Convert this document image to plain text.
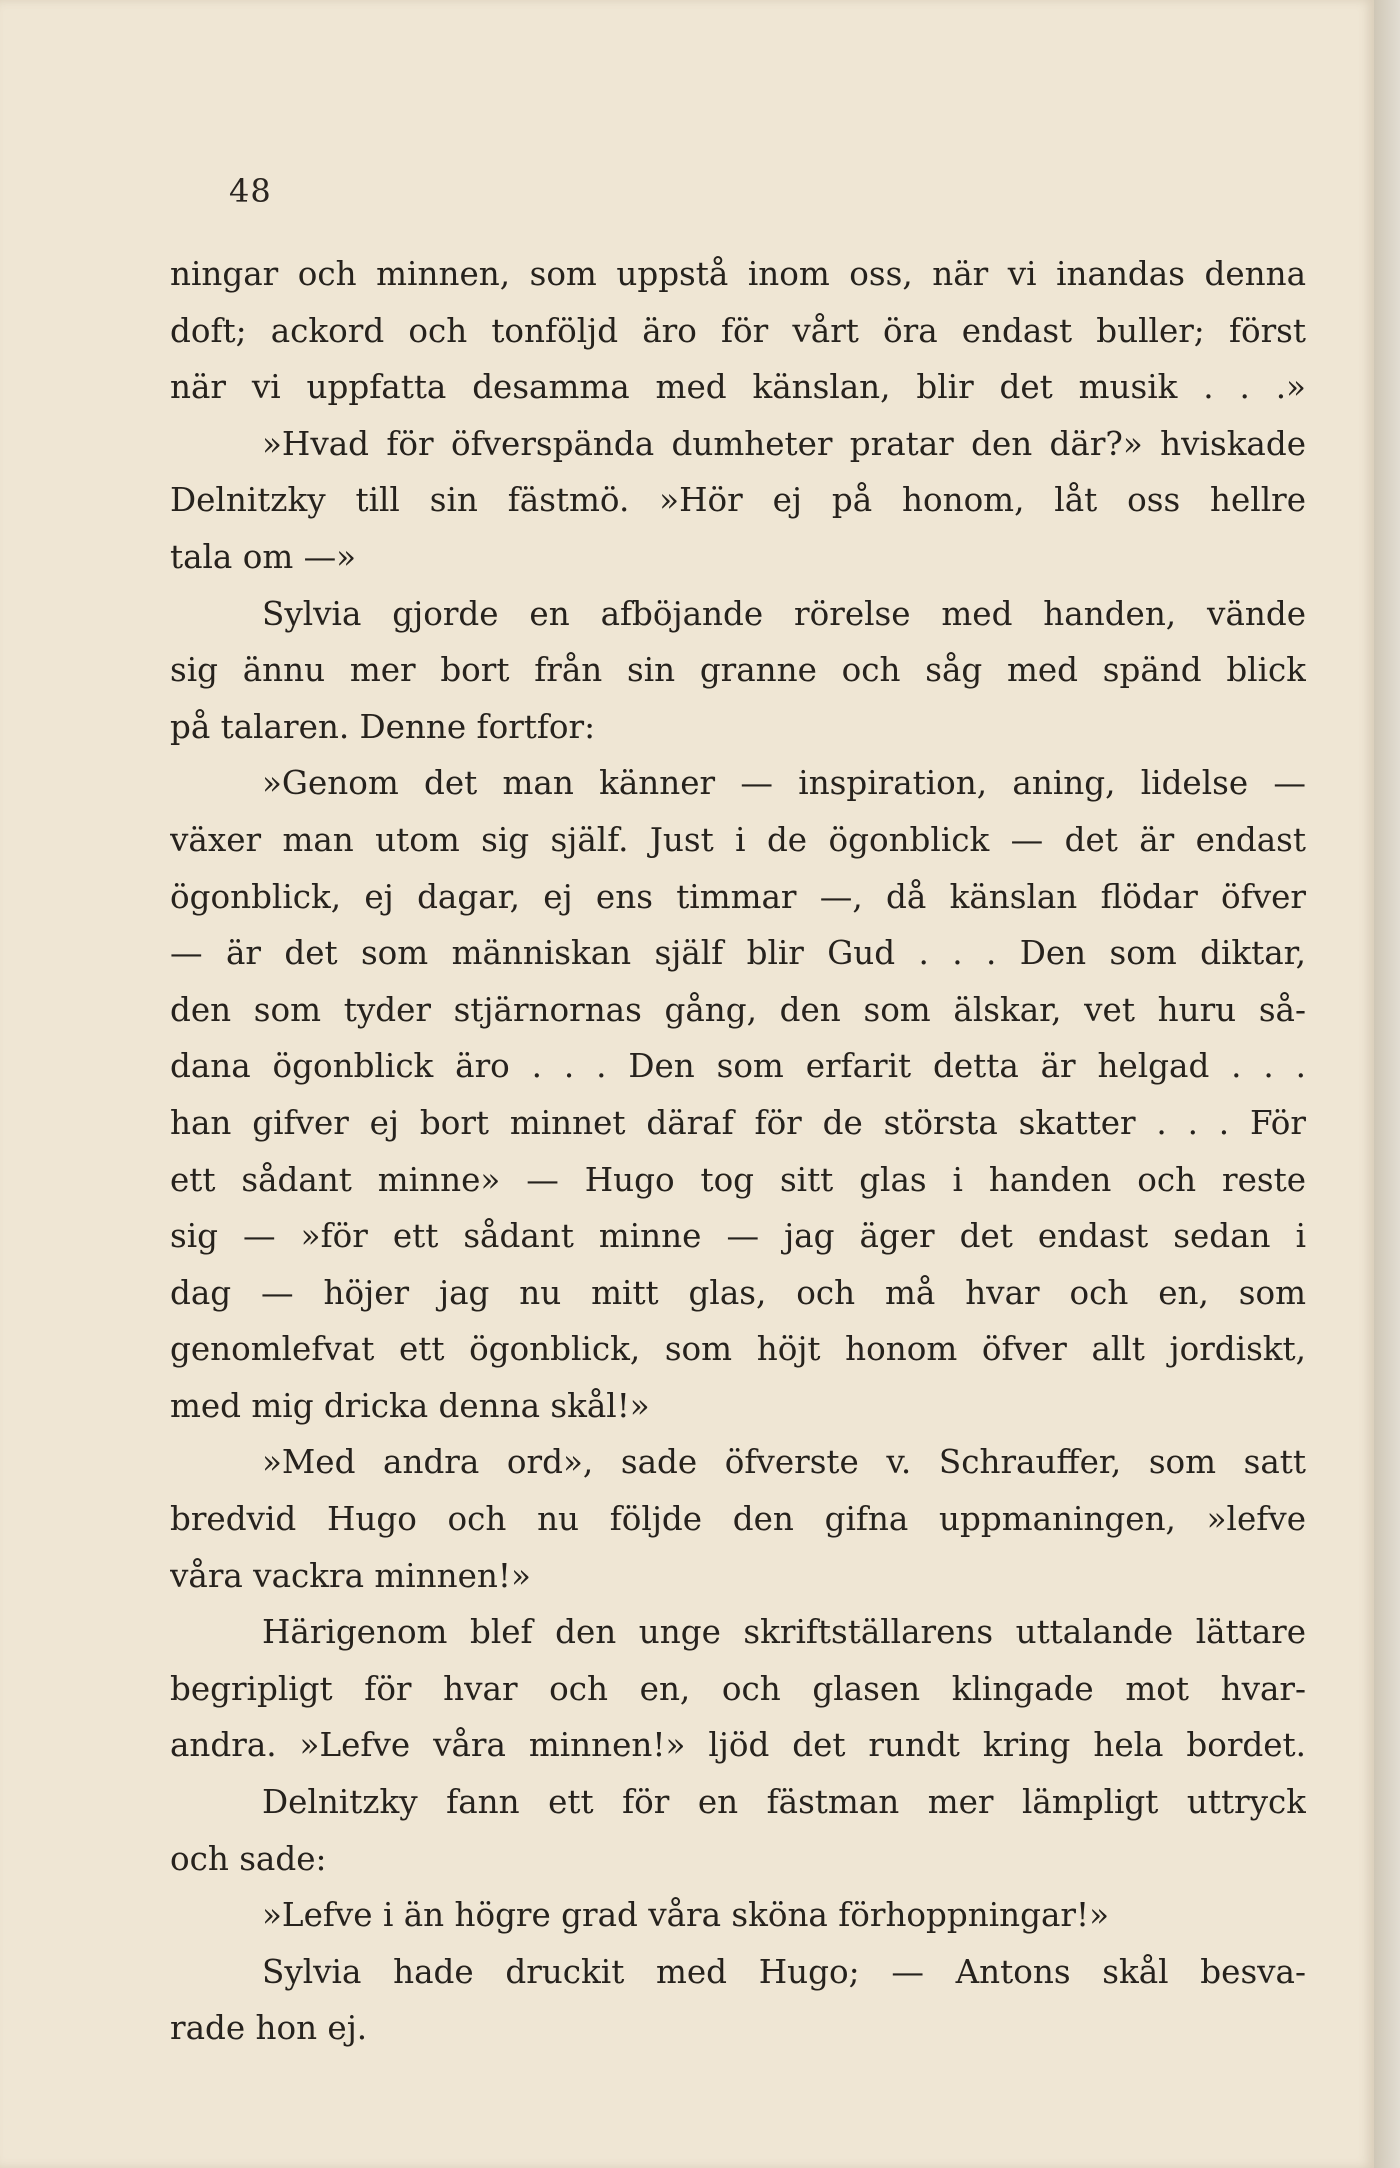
48
ningar och minnen, som uppstå inom oss, när vi inandas denna
doft; ackord och tonföljd äro för vårt öra endast buller; först
när vi uppfatta desamma med känslan, blir det musik . . .»
»Hvad för öfverspända dumheter pratar den där?» hviskade
Delnitzky till sin fästmö. »Hör ej på honom, låt oss hellre
tala om —»
Sylvia gjorde en afböjande rörelse med handen, vände
sig ännu mer bort från sin granne och såg med spänd blick
på talaren. Denne fortfor:
»Genom det man känner — inspiration, aning, lidelse —
växer man utom sig själf. Just i de ögonblick — det är endast
ögonblick, ej dagar, ej ens timmar —, då känslan flödar öfver
— är det som människan själf blir Gud . . . Den som diktar,
den som tyder stjärnornas gång, den som älskar, vet huru så-
dana ögonblick äro . . . Den som erfarit detta är helgad . . .
han gifver ej bort minnet däraf för de största skatter . . . För
ett sådant minne» — Hugo tog sitt glas i handen och reste
sig — »för ett sådant minne — jag äger det endast sedan i
dag — höjer jag nu mitt glas, och må hvar och en, som
genomlefvat ett ögonblick, som höjt honom öfver allt jordiskt,
med mig dricka denna skål!»
»Med andra ord», sade öfverste v. Schrauffer, som satt
bredvid Hugo och nu följde den gifna uppmaningen, »lefve
våra vackra minnen!»
Härigenom blef den unge skriftställarens uttalande lättare
begripligt för hvar och en, och glasen klingade mot hvar-
andra. »Lefve våra minnen!» ljöd det rundt kring hela bordet.
Delnitzky fann ett för en fästman mer lämpligt uttryck
och sade:
»Lefve i än högre grad våra sköna förhoppningar!»
Sylvia hade druckit med Hugo; — Antons skål besva-
rade hon ej.
